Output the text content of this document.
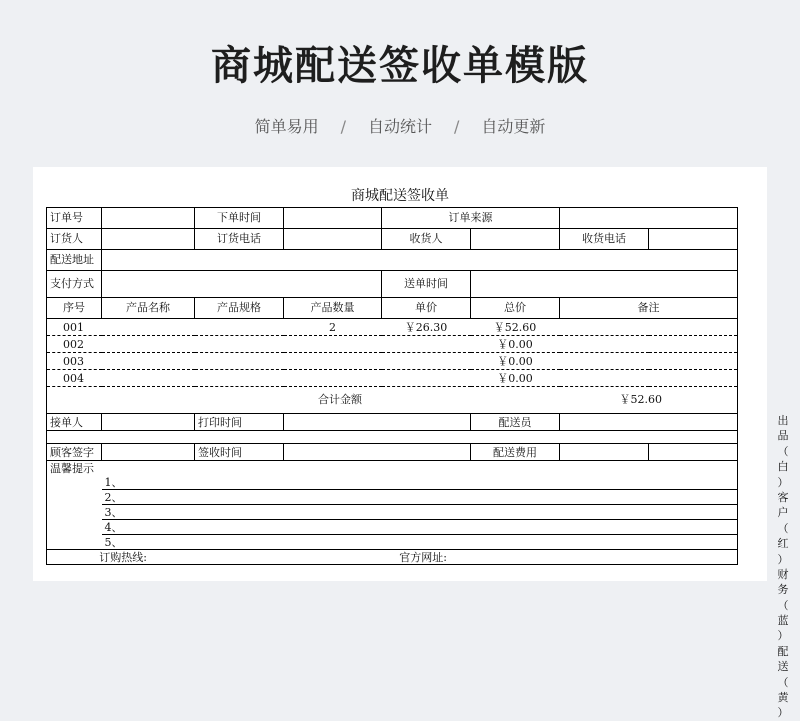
商城配送签收单模版
简单易用 / 自动统计 / 自动更新
商城配送签收单
订单号		下单时间		订单来源			
订货人		订货电话		收货人		收货电话	
配送地址							
支付方式				送单时间			
序号	产品名称	产品规格	产品数量	单价	总价	备注	
001			2	￥26.30	￥52.60		
002					￥0.00		
003					￥0.00		
004					￥0.00		
合计金额 ￥52.60							
接单人		打印时间			配送员		

顾客签字		签收时间			配送费用		
温馨提示							
	1、						
	2、						
	3、						
	4、						
	5、						
订购热线: 官方网址:							
出
品
（
白
）
客
户
（
红
）
财
务
（
蓝
）
配
送
（
黄
）
